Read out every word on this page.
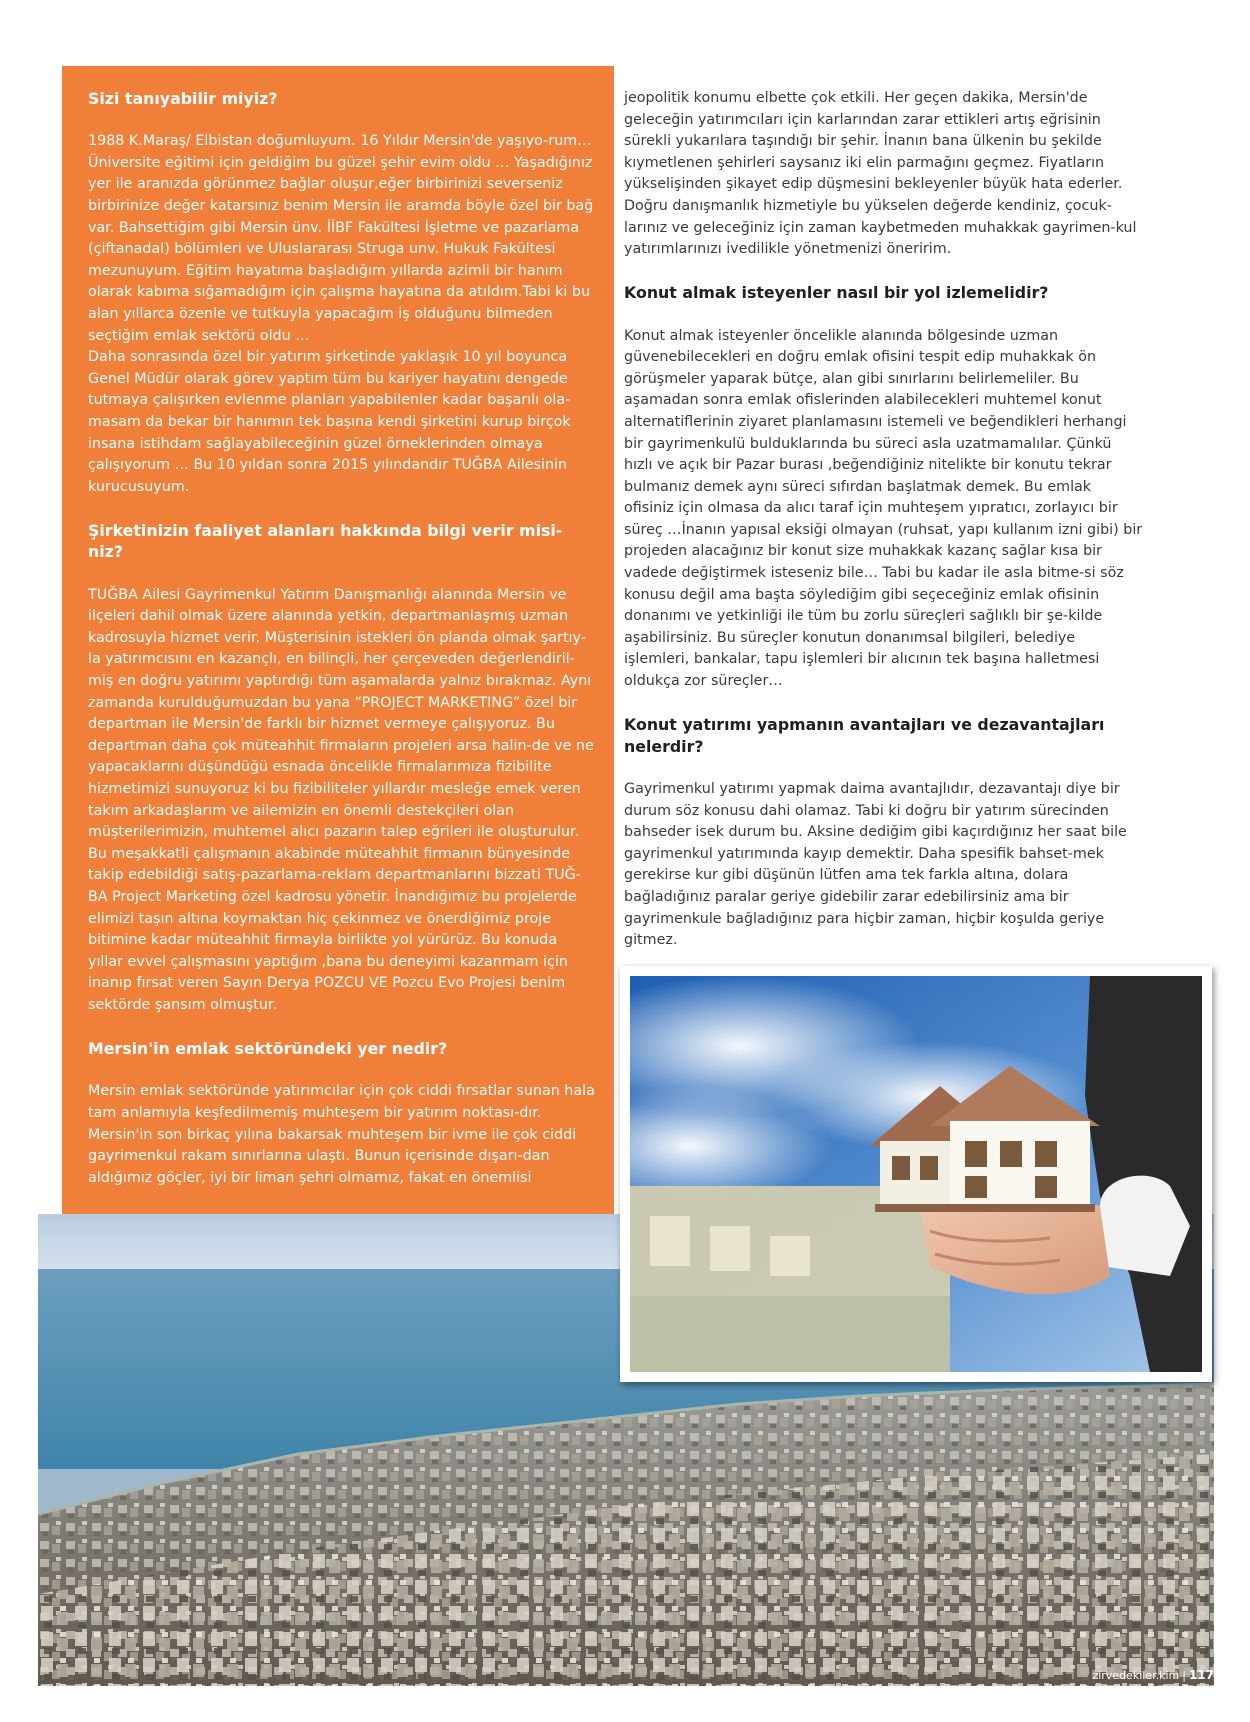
Sizi tanıyabilir miyiz?

1988 K.Maraş/ Elbistan doğumluyum. 16 Yıldır Mersin'de yaşıyo-rum…Üniversite eğitimi için geldiğim bu güzel şehir evim oldu … Yaşadığınız yer ile aranızda görünmez bağlar oluşur,eğer birbirinizi severseniz birbirinize değer katarsınız benim Mersin ile aramda böyle özel bir bağ var. Bahsettiğim gibi Mersin ünv. İİBF Fakültesi İşletme ve pazarlama (çiftanadal) bölümleri ve Uluslararası Struga unv. Hukuk Fakültesi mezunuyum. Eğitim hayatıma başladığım yıllarda azimli bir hanım olarak kabıma sığamadığım için çalışma hayatına da atıldım.Tabi ki bu alan yıllarca özenle ve tutkuyla yapacağım iş olduğunu bilmeden seçtiğim emlak sektörü oldu …

Daha sonrasında özel bir yatırım şirketinde yaklaşık 10 yıl boyunca Genel Müdür olarak görev yaptım tüm bu kariyer hayatını dengede tutmaya çalışırken evlenme planları yapabilenler kadar başarılı ola-masam da bekar bir hanımın tek başına kendi şirketini kurup birçok insana istihdam sağlayabileceğinin güzel örneklerinden olmaya çalışıyorum … Bu 10 yıldan sonra 2015 yılındandır TUĞBA Ailesinin kurucusuyum.

Şirketinizin faaliyet alanları hakkında bilgi verir misi-niz?

TUĞBA Ailesi Gayrimenkul Yatırım Danışmanlığı alanında Mersin ve ilçeleri dahil olmak üzere alanında yetkin, departmanlaşmış uzman kadrosuyla hizmet verir. Müşterisinin istekleri ön planda olmak şartıy-la yatırımcısını en kazançlı, en bilinçli, her çerçeveden değerlendiril-miş en doğru yatırımı yaptırdığı tüm aşamalarda yalnız bırakmaz. Aynı zamanda kurulduğumuzdan bu yana “PROJECT MARKETING” özel bir departman ile Mersin'de farklı bir hizmet vermeye çalışıyoruz. Bu departman daha çok müteahhit firmaların projeleri arsa halin-de ve ne yapacaklarını düşündüğü esnada öncelikle firmalarımıza fizibilite hizmetimizi sunuyoruz ki bu fizibiliteler yıllardır mesleğe emek veren takım arkadaşlarım ve ailemizin en önemli destekçileri olan müşterilerimizin, muhtemel alıcı pazarın talep eğrileri ile oluşturulur. Bu meşakkatli çalışmanın akabinde müteahhit firmanın bünyesinde takip edebildiği satış-pazarlama-reklam departmanlarını bizzati TUĞ-BA Project Marketing özel kadrosu yönetir. İnandığımız bu projelerde elimizi taşın altına koymaktan hiç çekinmez ve önerdiğimiz proje bitimine kadar müteahhit firmayla birlikte yol yürürüz. Bu konuda yıllar evvel çalışmasını yaptığım ,bana bu deneyimi kazanmam için inanıp fırsat veren Sayın Derya POZCU VE Pozcu Evo Projesi benim sektörde şansım olmuştur.

Mersin'in emlak sektöründeki yer nedir?

Mersin emlak sektöründe yatırımcılar için çok ciddi fırsatlar sunan hala tam anlamıyla keşfedilmemiş muhteşem bir yatırım noktası-dır. Mersin'in son birkaç yılına bakarsak muhteşem bir ivme ile çok ciddi gayrimenkul rakam sınırlarına ulaştı. Bunun içerisinde dışarı-dan aldığımız göçler, iyi bir liman şehri olmamız, fakat en önemlisi

jeopolitik konumu elbette çok etkili. Her geçen dakika, Mersin'de geleceğin yatırımcıları için karlarından zarar ettikleri artış eğrisinin sürekli yukarılara taşındığı bir şehir. İnanın bana ülkenin bu şekilde kıymetlenen şehirleri saysanız iki elin parmağını geçmez. Fiyatların yükselişinden şikayet edip düşmesini bekleyenler büyük hata ederler. Doğru danışmanlık hizmetiyle bu yükselen değerde kendiniz, çocuk-larınız ve geleceğiniz için zaman kaybetmeden muhakkak gayrimen-kul yatırımlarınızı ivedilikle yönetmenizi öneririm.

Konut almak isteyenler nasıl bir yol izlemelidir?

Konut almak isteyenler öncelikle alanında bölgesinde uzman güvenebilecekleri en doğru emlak ofisini tespit edip muhakkak ön görüşmeler yaparak bütçe, alan gibi sınırlarını belirlemeliler. Bu aşamadan sonra emlak ofislerinden alabilecekleri muhtemel konut alternatiflerinin ziyaret planlamasını istemeli ve beğendikleri herhangi bir gayrimenkulü bulduklarında bu süreci asla uzatmamalılar. Çünkü hızlı ve açık bir Pazar burası ,beğendiğiniz nitelikte bir konutu tekrar bulmanız demek aynı süreci sıfırdan başlatmak demek. Bu emlak ofisiniz için olmasa da alıcı taraf için muhteşem yıpratıcı, zorlayıcı bir süreç …İnanın yapısal eksiği olmayan (ruhsat, yapı kullanım izni gibi) bir projeden alacağınız bir konut size muhakkak kazanç sağlar kısa bir vadede değiştirmek isteseniz bile… Tabi bu kadar ile asla bitme-si söz konusu değil ama başta söylediğim gibi seçeceğiniz emlak ofisinin donanımı ve yetkinliği ile tüm bu zorlu süreçleri sağlıklı bir şe-kilde aşabilirsiniz. Bu süreçler konutun donanımsal bilgileri, belediye işlemleri, bankalar, tapu işlemleri bir alıcının tek başına halletmesi oldukça zor süreçler…

Konut yatırımı yapmanın avantajları ve dezavantajları nelerdir?

Gayrimenkul yatırımı yapmak daima avantajlıdır, dezavantajı diye bir durum söz konusu dahi olamaz. Tabi ki doğru bir yatırım sürecinden bahseder isek durum bu. Aksine dediğim gibi kaçırdığınız her saat bile gayrimenkul yatırımında kayıp demektir. Daha spesifik bahset-mek gerekirse kur gibi düşünün lütfen ama tek farkla altına, dolara bağladığınız paralar geriye gidebilir zarar edebilirsiniz ama bir gayrimenkule bağladığınız para hiçbir zaman, hiçbir koşulda geriye gitmez.

zirvedekiler.kim | 117
